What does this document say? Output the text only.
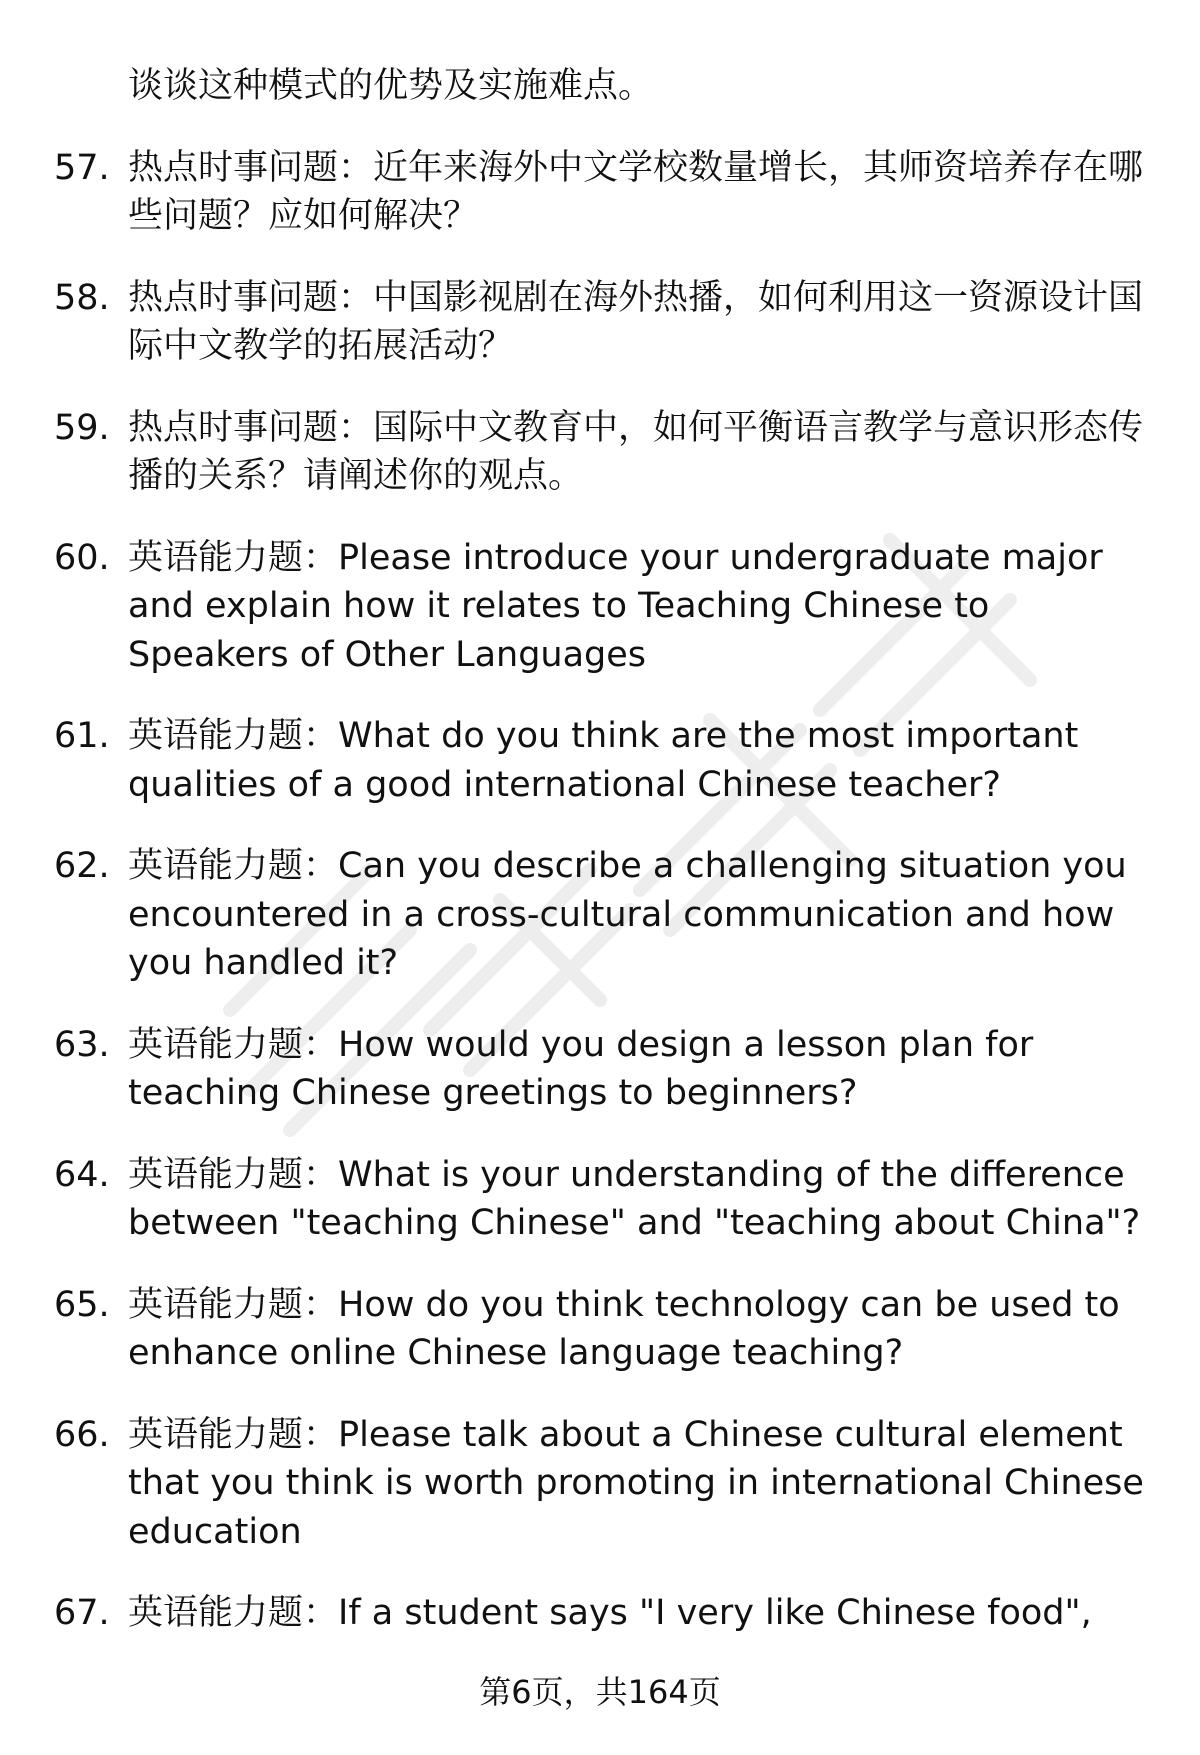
谈谈这种模式的优势及实施难点。
57. 热点时事问题：近年来海外中文学校数量增长，其师资培养存在哪些问题？应如何解决？
58. 热点时事问题：中国影视剧在海外热播，如何利用这一资源设计国际中文教学的拓展活动？
59. 热点时事问题：国际中文教育中，如何平衡语言教学与意识形态传播的关系？请阐述你的观点。
60. 英语能力题：Please introduce your undergraduate major and explain how it relates to Teaching Chinese to Speakers of Other Languages
61. 英语能力题：What do you think are the most important qualities of a good international Chinese teacher?
62. 英语能力题：Can you describe a challenging situation you encountered in a cross-cultural communication and how you handled it?
63. 英语能力题：How would you design a lesson plan for teaching Chinese greetings to beginners?
64. 英语能力题：What is your understanding of the difference between "teaching Chinese" and "teaching about China"?
65. 英语能力题：How do you think technology can be used to enhance online Chinese language teaching?
66. 英语能力题：Please talk about a Chinese cultural element that you think is worth promoting in international Chinese education
67. 英语能力题：If a student says "I very like Chinese food",
第6页，共164页
